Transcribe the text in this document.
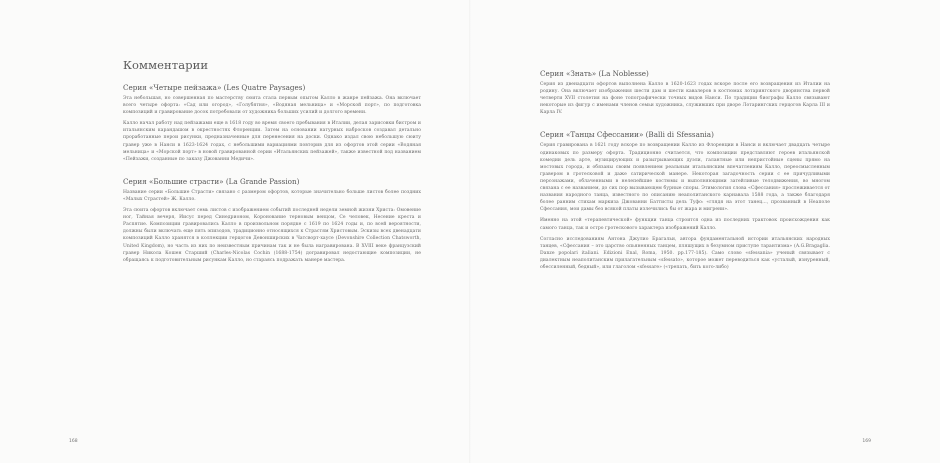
Комментарии
Серия «Четыре пейзажа» (Les Quatre Paysages)

Эта небольшая, но совершенная по мастерству сюита стала первым опытом Калло в жанре пейзажа. Она включает всего четыре офорта: «Сад или огород», «Голубятня», «Водяная мельница» и «Морской порт», по подготовка композиций и гравирование досок потребовали от художника больших усилий и долгого времени.

Калло начал работу над пейзажами еще в 1618 году во время своего пребывания в Италии, делая зарисовки бистром и итальянским карандашом в окрестностях Флоренции. Затем на основании натурных набросков создавал детально проработанные перои рисунки, предназначенные для перенесения на доски. Однако издал свою небольшую сюиту гравер уже в Нанси в 1623-1624 годах, с небольшими вариациями повторив для из офортов этой серии «Водяная мельница» и «Морской порт» в новой гравированной серии «Итальянских пейзажей», также известной под названием «Пейзажи, созданные по заказу Джованни Медичи».

Серия «Большие страсти» (La Grande Passion)

Название серии «Большие Страсти» связано с размером офортов, которые значительно больше листов более поздних «Малых Страстей» Ж. Калло.

Эта сюита офортов включает семь листов с изображением событий последней недели земной жизни Христа: Омовение ног, Тайная вечеря, Иисус перед Синедрионом, Коронование терновым венцом, Се человек, Несение креста и Распятие. Композиции гравировались Калло в произвольном порядке с 1619 по 1624 годы и, по всей вероятности, должны были включать еще пять эпизодов, традиционно относящихся к Страстям Христовым. Эскизы всех двенадцати композиций Калло хранятся в коллекции герцогов Девонширских в Чатсворт-хаусе (Devonshire Collection Chatsworth, United Kingdom), но часть из них по неизвестным причинам так и не была награвирована. В XVIII веке французский гравер Никола Кошен Старший (Charles-Nicolas Cochin (1688-1754) догравировал недостающие композиции, не обращаясь к подготовительным рисункам Калло, но стараясь подражать манере мастера.

168
Серия «Знать» (La Noblesse)

Серия из двенадцати офортов выполнена Калло в 1620-1623 годах вскоре после его возвращения из Италии на родину. Она включает изображения шести дам и шести кавалеров в костюмах лотарингского дворянства первой четверти XVII столетия на фоне топографически точных видов Нанси. По традиции биографы Калло связывают некоторые из фигур с именами членов семьи художника, служивших при дворе Лотарингских герцогов Карла III и Карла IV.

Серия «Танцы Сфессании» (Balli di Sfessania)

Серия гравирована в 1621 году вскоре по возвращении Калло из Флоренции в Нанси и включает двадцать четыре одинаковых по размеру офорта. Традиционно считается, что композиции представляют героев итальянской комедии дель арте, музицирующих и разыгрывающих дуэли, галантные или непристойные сцены прямо на мостовых города, и обязаны своим появлением реальным итальянским впечатлениям Калло, переосмысленным гравером в гротесковой и даже сатирической манере. Некоторая загадочность серии с ее причудливыми персонажами, облаченными в нелепейшие костюмы и выполняющими затейливые телодвижения, во многом связана с ее названием, до сих пор вызывающем бурные споры. Этимология слова «Сфессания» прослеживается от названия народного танца, известного по описанию неаполитанского карнавала 1588 года, а также благодаря более ранним стихам маркиза Джованни Баттисты дель Туфо: «глядя на этот танец..., прозванный в Неаполе Сфессания, мои дамы без всякой платы излечились бы от жара и мигрени».

Именно на этой «терапевтической» функции танца строится одна из последних трактовок происхождения как самого танца, так и остро гротескового характера изображений Калло.

Согласно исследованиям Антона Джулио Брагальи, автора фундаментальной истории итальянских народных танцев, «Сфессания – это царство опьяненных танцем, пляшущих в безумном приступе тарантизма» (A.G.Bragaglia. Danze popolari italiani. Edizioni Enal, Roma, 1950. pp.177-185). Само слово «sfessania» ученый связывает с диалектным неаполитанским прилагательным «sfessato», которое может переводиться как «усталый, изнуренный, обессиленный, бедный», или глаголом «sfessare» («трепать, бить кого-либо)

169
